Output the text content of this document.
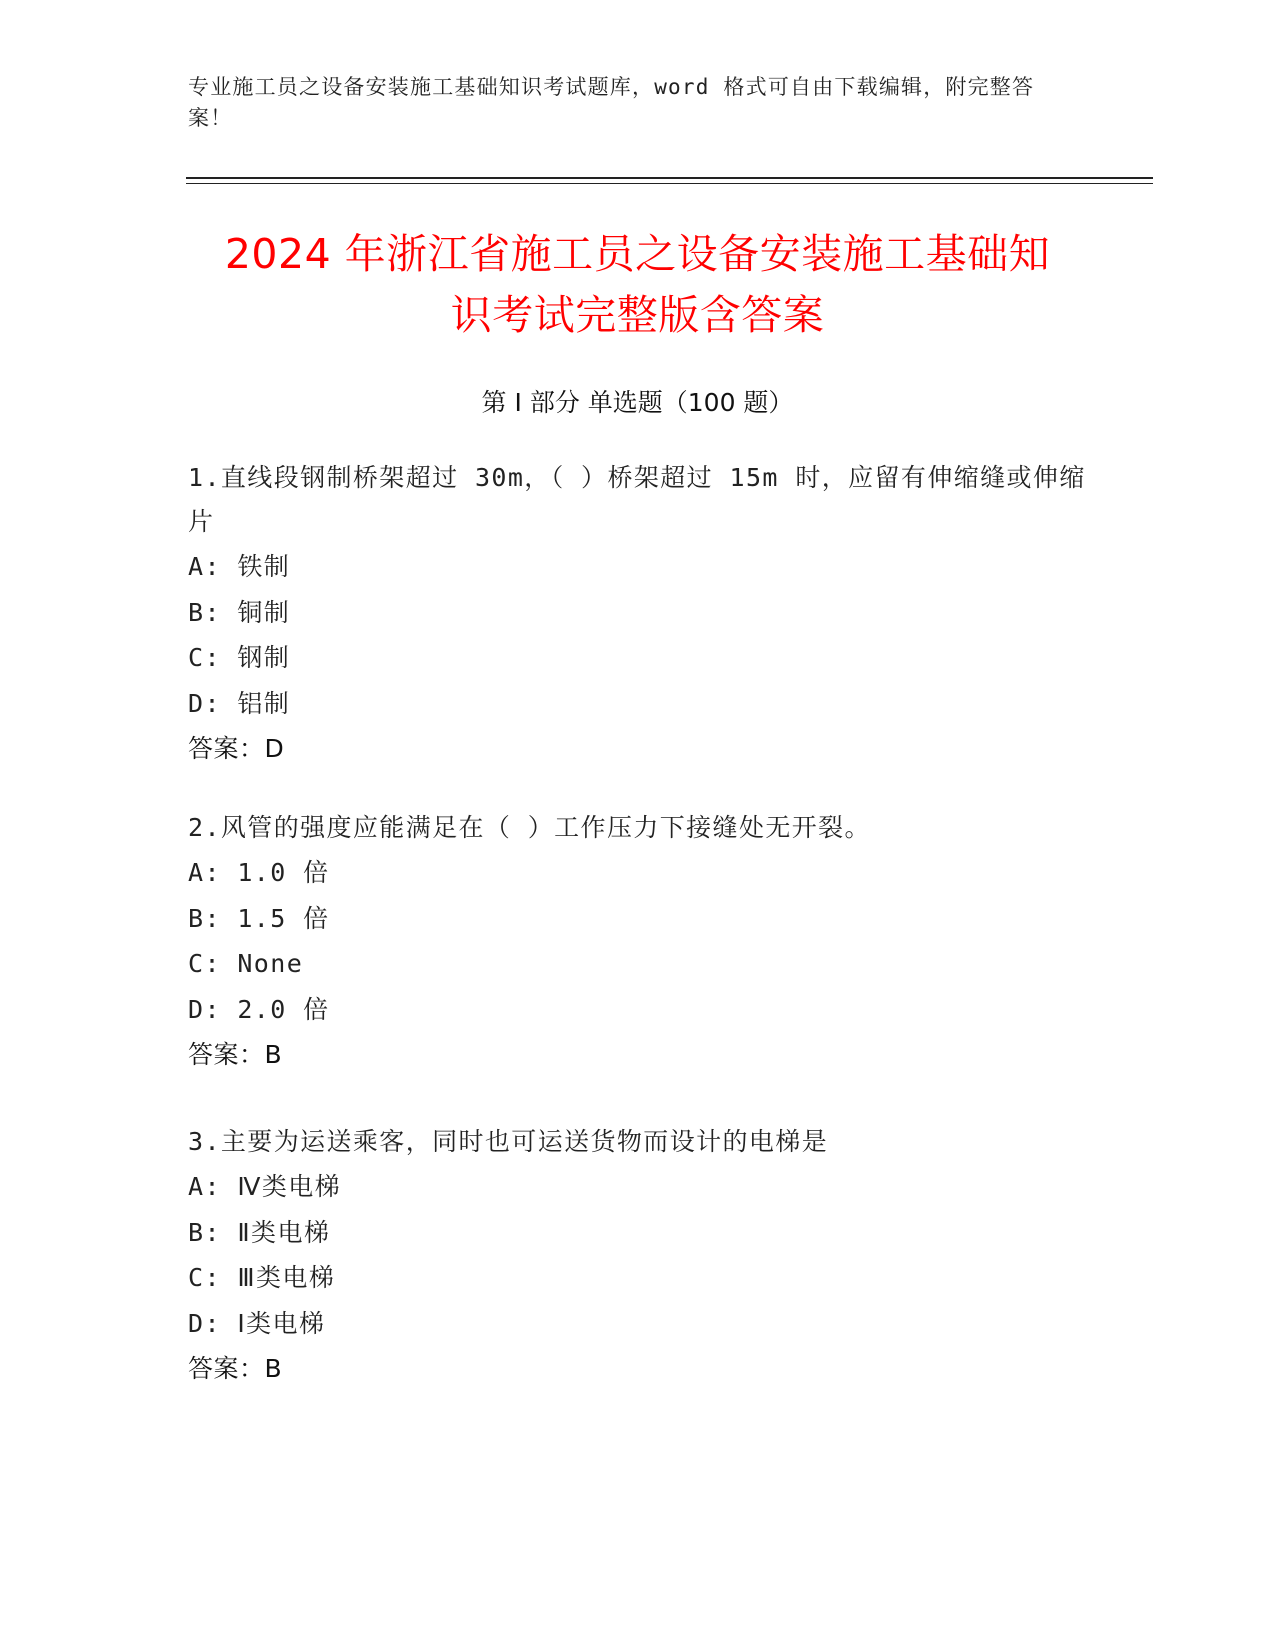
专业施工员之设备安装施工基础知识考试题库，word 格式可自由下载编辑，附完整答案！
2024 年浙江省施工员之设备安装施工基础知
识考试完整版含答案
第 I 部分 单选题（100 题）
1.直线段钢制桥架超过 30m，（ ）桥架超过 15m 时，应留有伸缩缝或伸缩片
A: 铁制
B: 铜制
C: 钢制
D: 铝制
答案：D
2.风管的强度应能满足在（ ）工作压力下接缝处无开裂。
A: 1.0 倍
B: 1.5 倍
C: None
D: 2.0 倍
答案：B
3.主要为运送乘客，同时也可运送货物而设计的电梯是
A: Ⅳ类电梯
B: Ⅱ类电梯
C: Ⅲ类电梯
D: Ⅰ类电梯
答案：B
